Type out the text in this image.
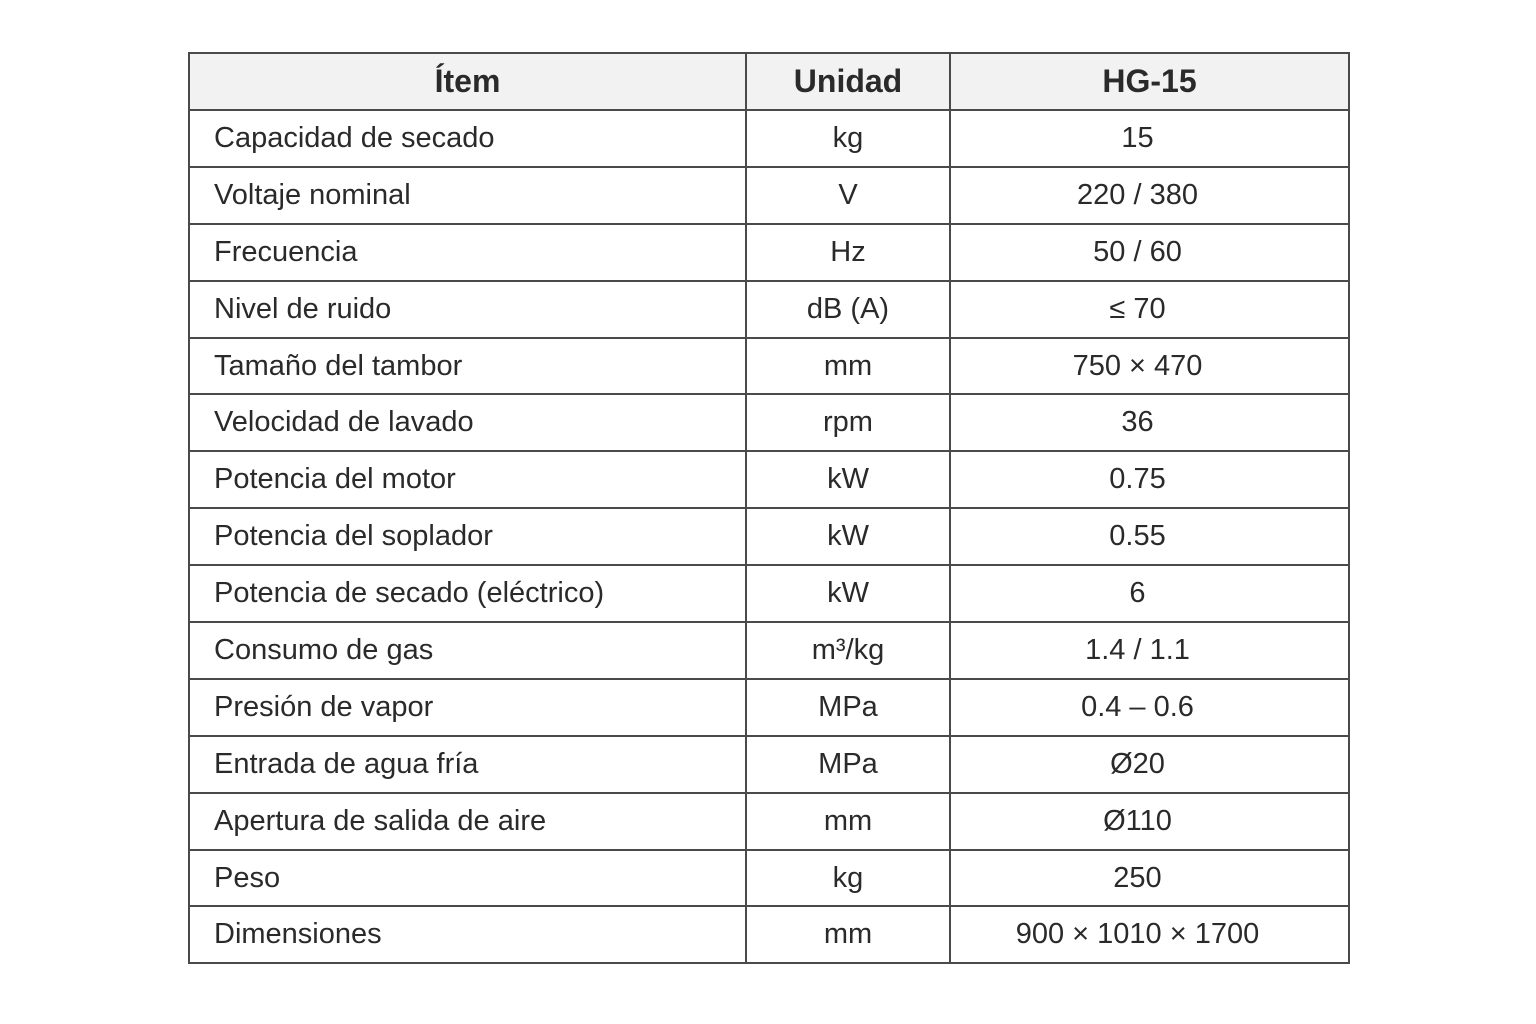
Ítem	Unidad	HG-15
Capacidad de secado	kg	15
Voltaje nominal	V	220 / 380
Frecuencia	Hz	50 / 60
Nivel de ruido	dB (A)	≤ 70
Tamaño del tambor	mm	750 × 470
Velocidad de lavado	rpm	36
Potencia del motor	kW	0.75
Potencia del soplador	kW	0.55
Potencia de secado (eléctrico)	kW	6
Consumo de gas	m³/kg	1.4 / 1.1
Presión de vapor	MPa	0.4 – 0.6
Entrada de agua fría	MPa	Ø20
Apertura de salida de aire	mm	Ø110
Peso	kg	250
Dimensiones	mm	900 × 1010 × 1700
